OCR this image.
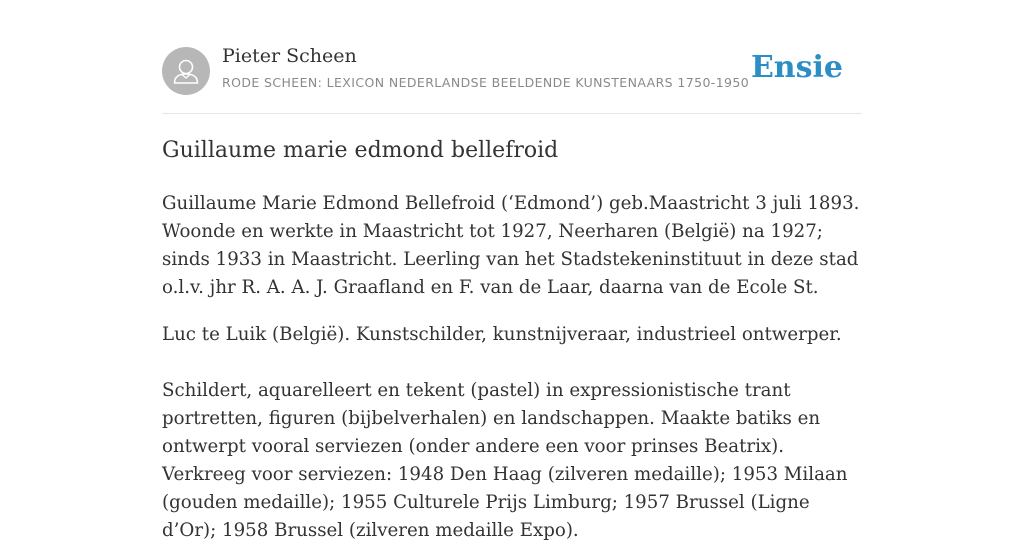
Pieter Scheen
RODE SCHEEN: LEXICON NEDERLANDSE BEELDENDE KUNSTENAARS 1750-1950 Ensie
Guillaume marie edmond bellefroid

Guillaume Marie Edmond Bellefroid (‘Edmond’) geb.Maastricht 3 juli 1893. Woonde en werkte in Maastricht tot 1927, Neerharen (België) na 1927; sinds 1933 in Maastricht. Leerling van het Stadstekeninstituut in deze stad o.l.v. jhr R. A. A. J. Graafland en F. van de Laar, daarna van de Ecole St.

Luc te Luik (België). Kunstschilder, kunstnijveraar, industrieel ontwerper.

Schildert, aquarelleert en tekent (pastel) in expressionistische trant portretten, figuren (bijbelverhalen) en landschappen. Maakte batiks en ontwerpt vooral serviezen (onder andere een voor prinses Beatrix). Verkreeg voor serviezen: 1948 Den Haag (zilveren medaille); 1953 Milaan (gouden medaille); 1955 Culturele Prijs Limburg; 1957 Brussel (Ligne d’Or); 1958 Brussel (zilveren medaille Expo).
